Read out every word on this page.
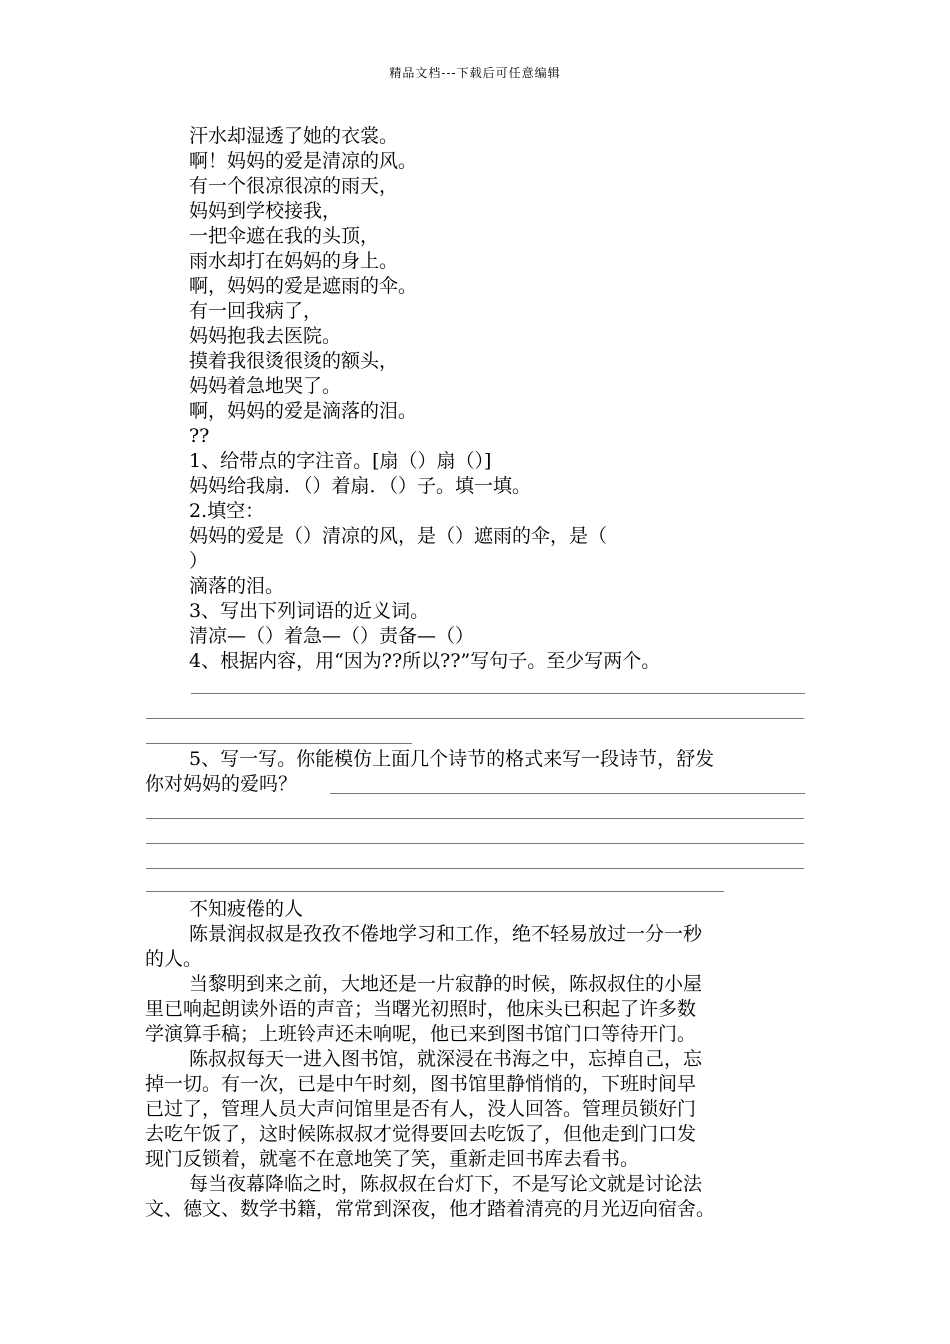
精品文档---下载后可任意编辑
汗水却湿透了她的衣裳。
啊！妈妈的爱是清凉的风。
有一个很凉很凉的雨天，
妈妈到学校接我，
一把伞遮在我的头顶，
雨水却打在妈妈的身上。
啊，妈妈的爱是遮雨的伞。
有一回我病了，
妈妈抱我去医院。
摸着我很烫很烫的额头，
妈妈着急地哭了。
啊，妈妈的爱是滴落的泪。
??
1、给带点的字注音。[扇（）扇（）]
妈妈给我扇．（）着扇．（）子。填一填。
2.填空：
妈妈的爱是（）清凉的风，是（）遮雨的伞，是（
）
滴落的泪。
3、写出下列词语的近义词。
清凉—（）着急—（）责备—（）
4、根据内容，用“因为??所以??”写句子。至少写两个。
5、写一写。你能模仿上面几个诗节的格式来写一段诗节，舒发
你对妈妈的爱吗？
不知疲倦的人
陈景润叔叔是孜孜不倦地学习和工作，绝不轻易放过一分一秒
的人。
当黎明到来之前，大地还是一片寂静的时候，陈叔叔住的小屋
里已响起朗读外语的声音；当曙光初照时，他床头已积起了许多数
学演算手稿；上班铃声还未响呢，他已来到图书馆门口等待开门。
陈叔叔每天一进入图书馆，就深浸在书海之中，忘掉自己，忘
掉一切。有一次，已是中午时刻，图书馆里静悄悄的，下班时间早
已过了，管理人员大声问馆里是否有人，没人回答。管理员锁好门
去吃午饭了，这时候陈叔叔才觉得要回去吃饭了，但他走到门口发
现门反锁着，就毫不在意地笑了笑，重新走回书库去看书。
每当夜幕降临之时，陈叔叔在台灯下，不是写论文就是讨论法
文、德文、数学书籍，常常到深夜，他才踏着清亮的月光迈向宿舍。
